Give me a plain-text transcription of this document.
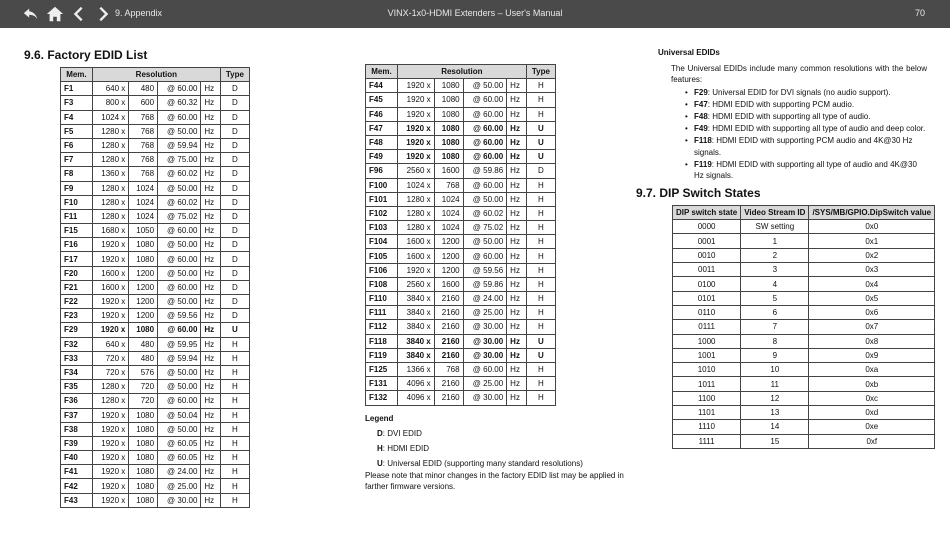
9. Appendix	VINX-1x0-HDMI Extenders – User's Manual	70
9.6. Factory EDID List
Mem.	Resolution				Type
F1	640 x	480	@ 60.00	Hz	D
F3	800 x	600	@ 60.32	Hz	D
F4	1024 x	768	@ 60.00	Hz	D
F5	1280 x	768	@ 50.00	Hz	D
F6	1280 x	768	@ 59.94	Hz	D
F7	1280 x	768	@ 75.00	Hz	D
F8	1360 x	768	@ 60.02	Hz	D
F9	1280 x	1024	@ 50.00	Hz	D
F10	1280 x	1024	@ 60.02	Hz	D
F11	1280 x	1024	@ 75.02	Hz	D
F15	1680 x	1050	@ 60.00	Hz	D
F16	1920 x	1080	@ 50.00	Hz	D
F17	1920 x	1080	@ 60.00	Hz	D
F20	1600 x	1200	@ 50.00	Hz	D
F21	1600 x	1200	@ 60.00	Hz	D
F22	1920 x	1200	@ 50.00	Hz	D
F23	1920 x	1200	@ 59.56	Hz	D
F29	1920 x	1080	@ 60.00	Hz	U
F32	640 x	480	@ 59.95	Hz	H
F33	720 x	480	@ 59.94	Hz	H
F34	720 x	576	@ 50.00	Hz	H
F35	1280 x	720	@ 50.00	Hz	H
F36	1280 x	720	@ 60.00	Hz	H
F37	1920 x	1080	@ 50.04	Hz	H
F38	1920 x	1080	@ 50.00	Hz	H
F39	1920 x	1080	@ 60.05	Hz	H
F40	1920 x	1080	@ 60.05	Hz	H
F41	1920 x	1080	@ 24.00	Hz	H
F42	1920 x	1080	@ 25.00	Hz	H
F43	1920 x	1080	@ 30.00	Hz	H
Mem.	Resolution				Type
F44	1920 x	1080	@ 50.00	Hz	H
F45	1920 x	1080	@ 60.00	Hz	H
F46	1920 x	1080	@ 60.00	Hz	H
F47	1920 x	1080	@ 60.00	Hz	U
F48	1920 x	1080	@ 60.00	Hz	U
F49	1920 x	1080	@ 60.00	Hz	U
F96	2560 x	1600	@ 59.86	Hz	D
F100	1024 x	768	@ 60.00	Hz	H
F101	1280 x	1024	@ 50.00	Hz	H
F102	1280 x	1024	@ 60.02	Hz	H
F103	1280 x	1024	@ 75.02	Hz	H
F104	1600 x	1200	@ 50.00	Hz	H
F105	1600 x	1200	@ 60.00	Hz	H
F106	1920 x	1200	@ 59.56	Hz	H
F108	2560 x	1600	@ 59.86	Hz	H
F110	3840 x	2160	@ 24.00	Hz	H
F111	3840 x	2160	@ 25.00	Hz	H
F112	3840 x	2160	@ 30.00	Hz	H
F118	3840 x	2160	@ 30.00	Hz	U
F119	3840 x	2160	@ 30.00	Hz	U
F125	1366 x	768	@ 60.00	Hz	H
F131	4096 x	2160	@ 25.00	Hz	H
F132	4096 x	2160	@ 30.00	Hz	H
Legend
D: DVI EDID
H: HDMI EDID
U: Universal EDID (supporting many standard resolutions)
Please note that minor changes in the factory EDID list may be applied in farther firmware versions.
Universal EDIDs
The Universal EDIDs include many common resolutions with the below features:
• F29: Universal EDID for DVI signals (no audio support).
• F47: HDMI EDID with supporting PCM audio.
• F48: HDMI EDID with supporting all type of audio.
• F49: HDMI EDID with supporting all type of audio and deep color.
• F118: HDMI EDID with supporting PCM audio and 4K@30 Hz signals.
• F119: HDMI EDID with supporting all type of audio and 4K@30 Hz signals.
9.7. DIP Switch States
DIP switch state	Video Stream ID	/SYS/MB/GPIO.DipSwitch value
0000	SW setting	0x0
0001	1	0x1
0010	2	0x2
0011	3	0x3
0100	4	0x4
0101	5	0x5
0110	6	0x6
0111	7	0x7
1000	8	0x8
1001	9	0x9
1010	10	0xa
1011	11	0xb
1100	12	0xc
1101	13	0xd
1110	14	0xe
1111	15	0xf
